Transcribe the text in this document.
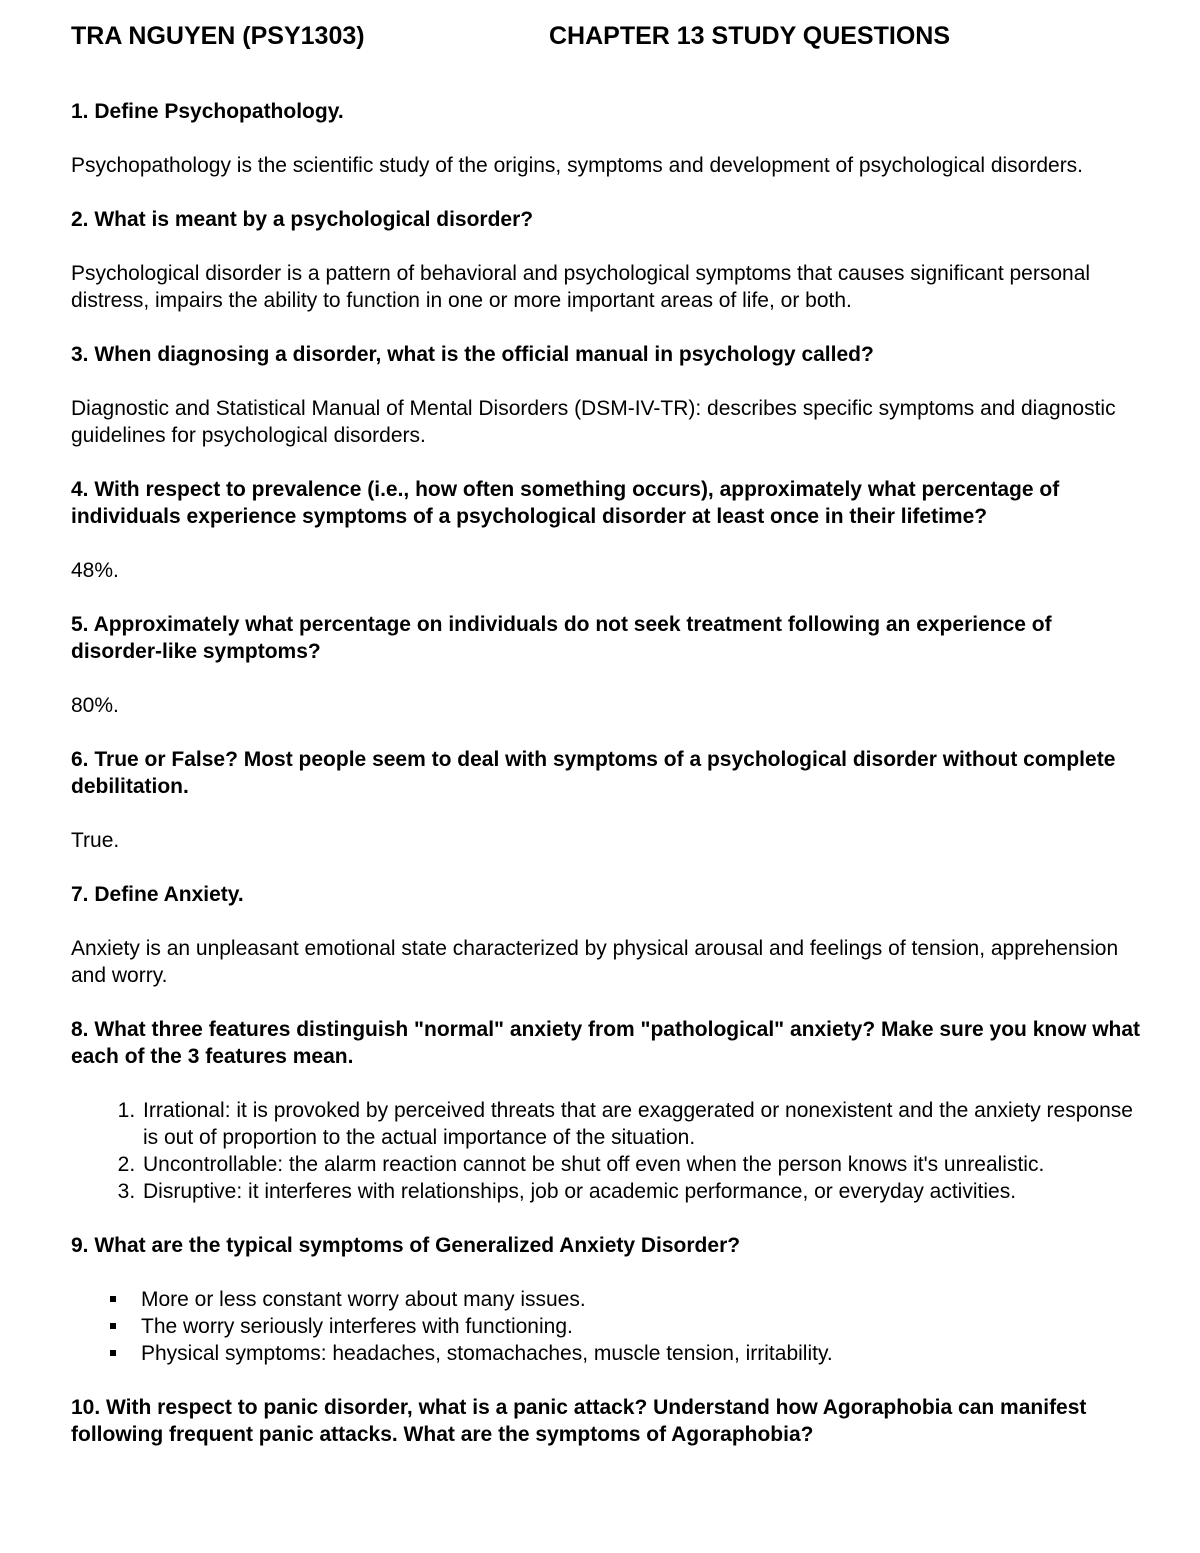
TRA NGUYEN (PSY1303)	CHAPTER 13 STUDY QUESTIONS
1. Define Psychopathology.
Psychopathology is the scientific study of the origins, symptoms and development of psychological disorders.
2. What is meant by a psychological disorder?
Psychological disorder is a pattern of behavioral and psychological symptoms that causes significant personal distress, impairs the ability to function in one or more important areas of life, or both.
3. When diagnosing a disorder, what is the official manual in psychology called?
Diagnostic and Statistical Manual of Mental Disorders (DSM-IV-TR): describes specific symptoms and diagnostic guidelines for psychological disorders.
4. With respect to prevalence (i.e., how often something occurs), approximately what percentage of individuals experience symptoms of a psychological disorder at least once in their lifetime?
48%.
5. Approximately what percentage on individuals do not seek treatment following an experience of disorder-like symptoms?
80%.
6. True or False? Most people seem to deal with symptoms of a psychological disorder without complete debilitation.
True.
7. Define Anxiety.
Anxiety is an unpleasant emotional state characterized by physical arousal and feelings of tension, apprehension and worry.
8. What three features distinguish "normal" anxiety from "pathological" anxiety? Make sure you know what each of the 3 features mean.
1. Irrational: it is provoked by perceived threats that are exaggerated or nonexistent and the anxiety response is out of proportion to the actual importance of the situation.
2. Uncontrollable: the alarm reaction cannot be shut off even when the person knows it's unrealistic.
3. Disruptive: it interferes with relationships, job or academic performance, or everyday activities.
9. What are the typical symptoms of Generalized Anxiety Disorder?
More or less constant worry about many issues.
The worry seriously interferes with functioning.
Physical symptoms: headaches, stomachaches, muscle tension, irritability.
10. With respect to panic disorder, what is a panic attack? Understand how Agoraphobia can manifest following frequent panic attacks. What are the symptoms of Agoraphobia?
